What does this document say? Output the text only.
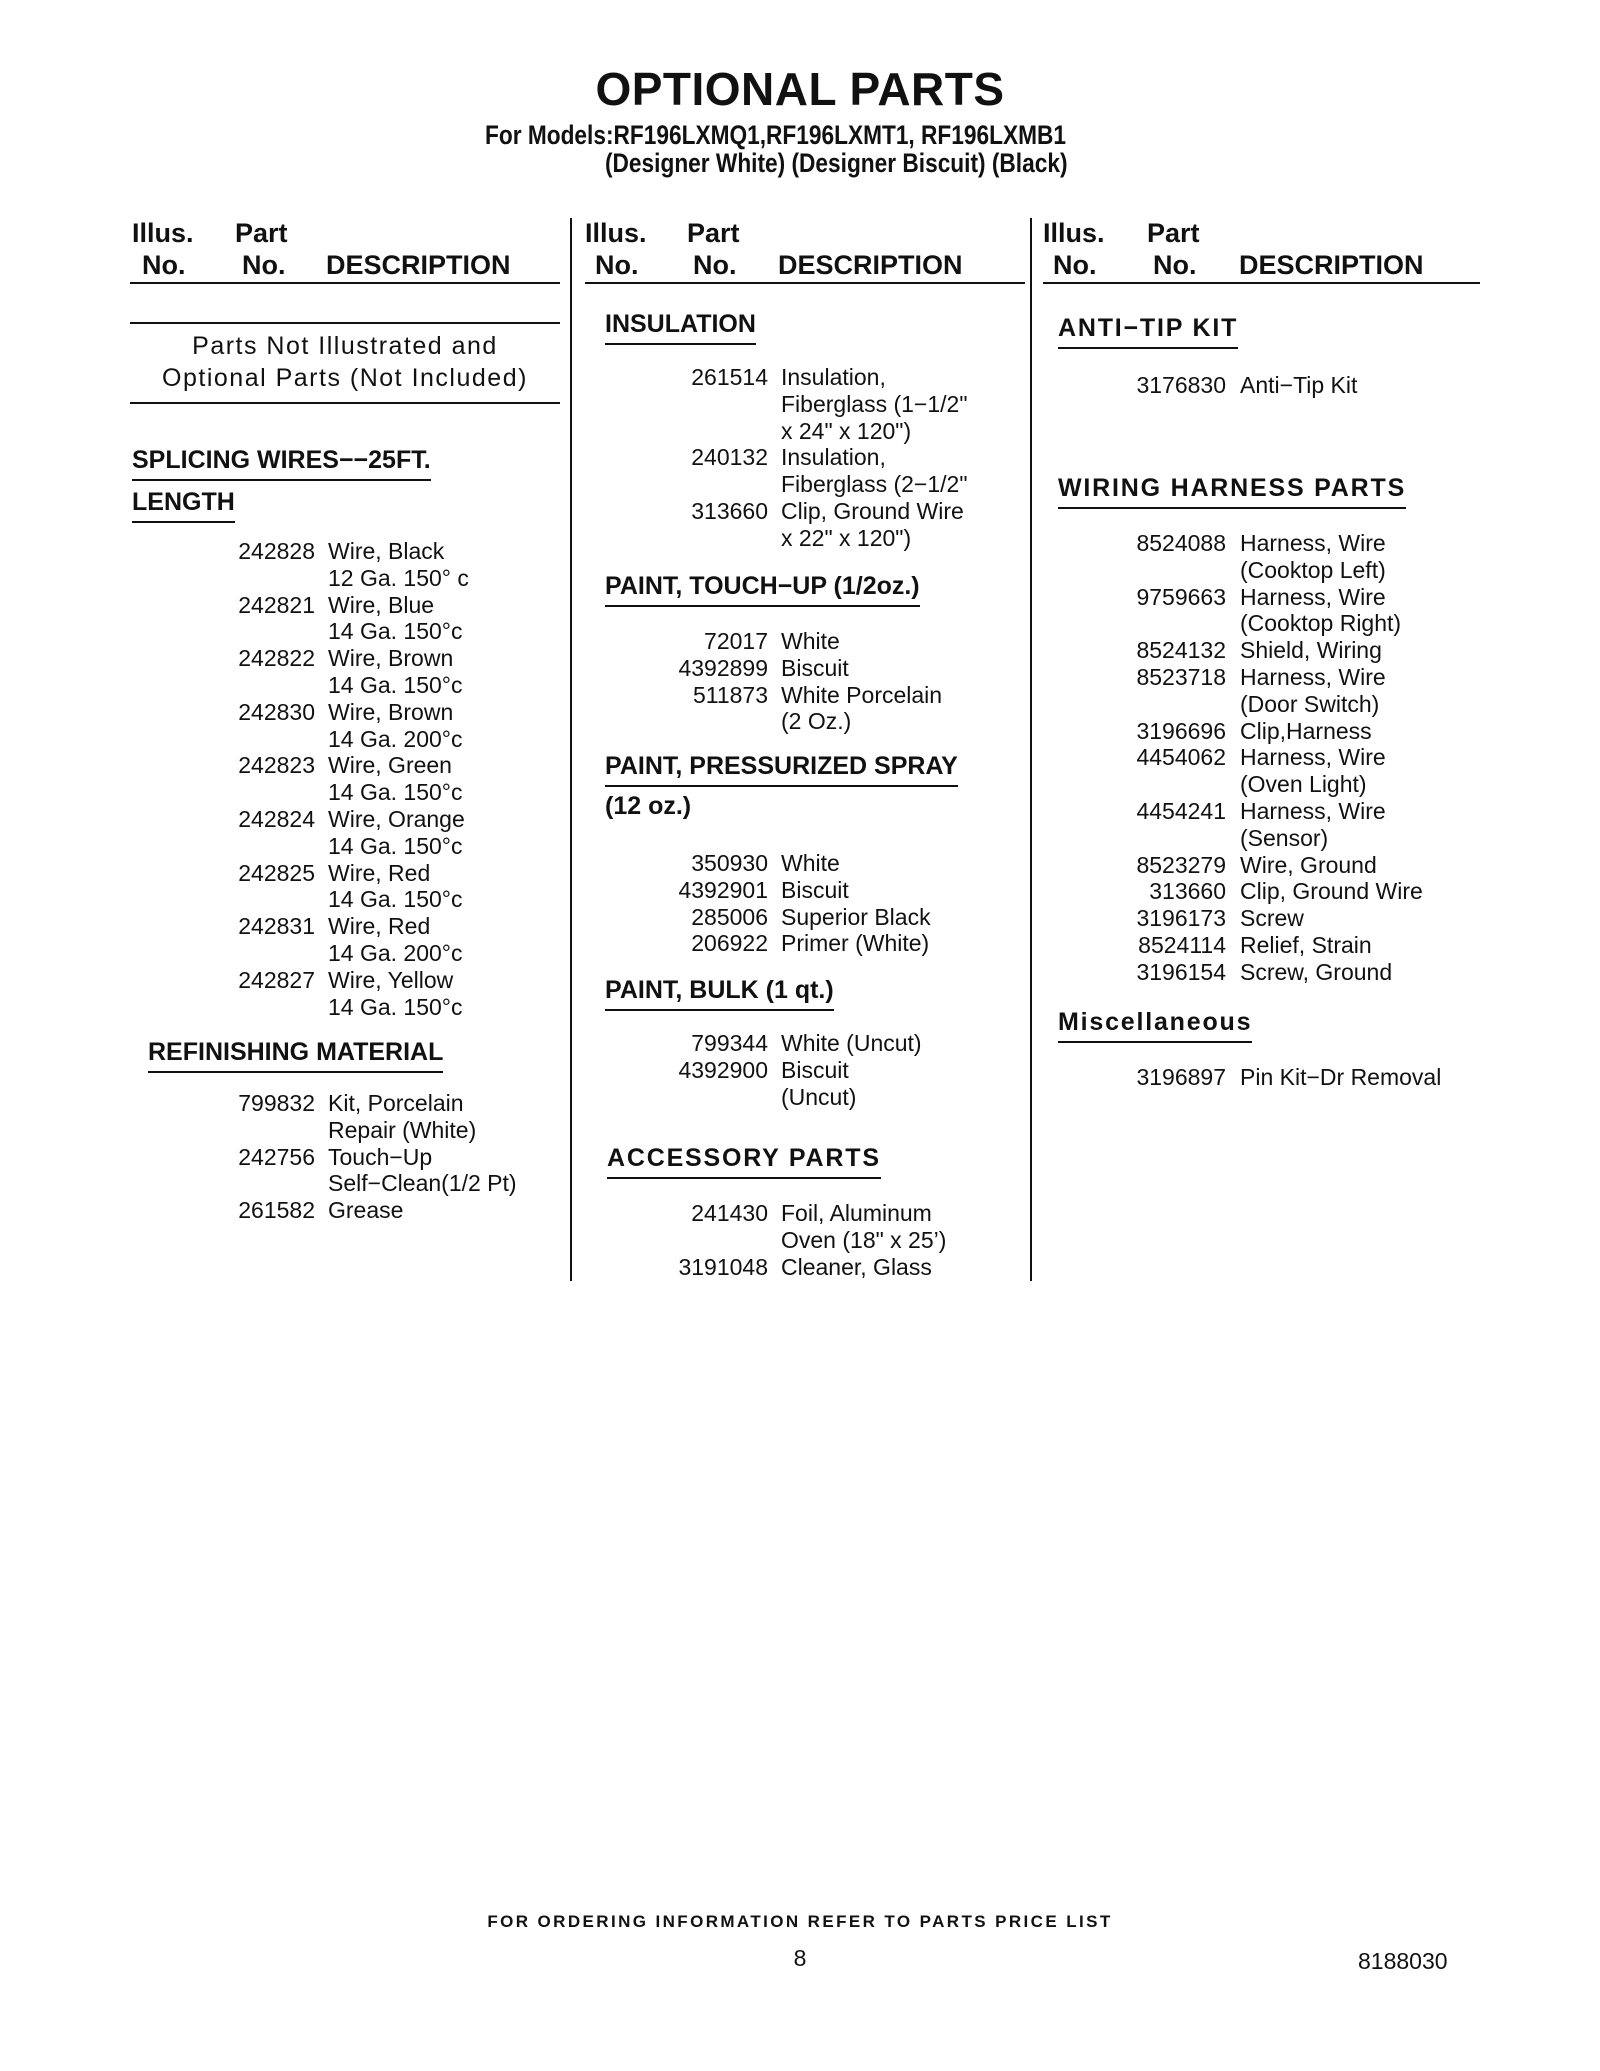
OPTIONAL PARTS
For Models:RF196LXMQ1,RF196LXMT1, RF196LXMB1
(Designer White) (Designer Biscuit) (Black)
Illus.
No.
Part
No. DESCRIPTION
Parts Not Illustrated and
Optional Parts (Not Included)
SPLICING WIRES−−25FT.
LENGTH
242828 Wire, Black
12 Ga. 150° c
242821 Wire, Blue
14 Ga. 150°c
242822 Wire, Brown
14 Ga. 150°c
242830 Wire, Brown
14 Ga. 200°c
242823 Wire, Green
14 Ga. 150°c
242824 Wire, Orange
14 Ga. 150°c
242825 Wire, Red
14 Ga. 150°c
242831 Wire, Red
14 Ga. 200°c
242827 Wire, Yellow
14 Ga. 150°c
REFINISHING MATERIAL
799832 Kit, Porcelain
Repair (White)
242756 Touch−Up
Self−Clean(1/2 Pt)
261582 Grease
Illus.
No.
Part
No. DESCRIPTION
INSULATION
261514 Insulation,
Fiberglass (1−1/2"
x 24" x 120")
240132 Insulation,
Fiberglass (2−1/2"
313660 Clip, Ground Wire
x 22" x 120")
PAINT, TOUCH−UP (1/2oz.)
72017 White
4392899 Biscuit
511873 White Porcelain
(2 Oz.)
PAINT, PRESSURIZED SPRAY
(12 oz.)
350930 White
4392901 Biscuit
285006 Superior Black
206922 Primer (White)
PAINT, BULK (1 qt.)
799344 White (Uncut)
4392900 Biscuit
(Uncut)
ACCESSORY PARTS
241430 Foil, Aluminum
Oven (18" x 25’)
3191048 Cleaner, Glass
Illus.
No.
Part
No. DESCRIPTION
ANTI−TIP KIT
3176830 Anti−Tip Kit
WIRING HARNESS PARTS
8524088 Harness, Wire
(Cooktop Left)
9759663 Harness, Wire
(Cooktop Right)
8524132 Shield, Wiring
8523718 Harness, Wire
(Door Switch)
3196696 Clip,Harness
4454062 Harness, Wire
(Oven Light)
4454241 Harness, Wire
(Sensor)
8523279 Wire, Ground
313660 Clip, Ground Wire
3196173 Screw
8524114 Relief, Strain
3196154 Screw, Ground
Miscellaneous
3196897 Pin Kit−Dr Removal
FOR ORDERING INFORMATION REFER TO PARTS PRICE LIST
8	8188030
